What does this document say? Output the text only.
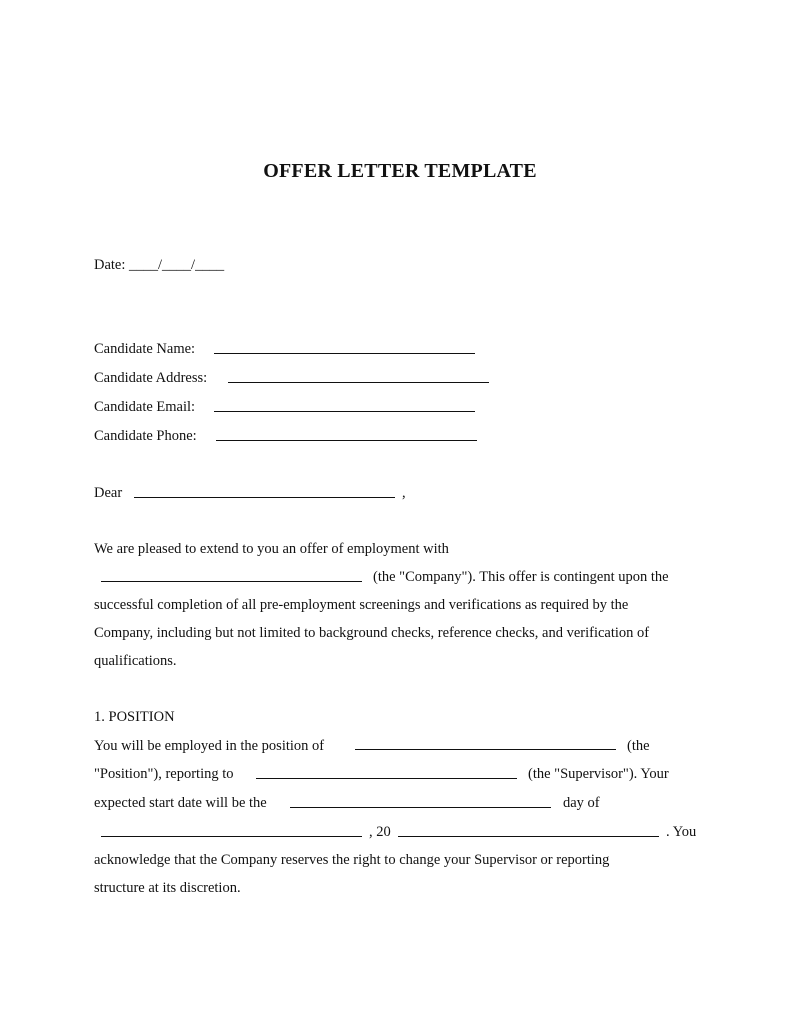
OFFER LETTER TEMPLATE
Date: ____/____/____
Candidate Name:
Candidate Address:
Candidate Email:
Candidate Phone:
Dear	,
We are pleased to extend to you an offer of employment with
(the "Company"). This offer is contingent upon the
successful completion of all pre-employment screenings and verifications as required by the
Company, including but not limited to background checks, reference checks, and verification of
qualifications.
1. POSITION
You will be employed in the position of	(the
"Position"), reporting to	(the "Supervisor"). Your
expected start date will be the	day of
, 20	. You
acknowledge that the Company reserves the right to change your Supervisor or reporting
structure at its discretion.
